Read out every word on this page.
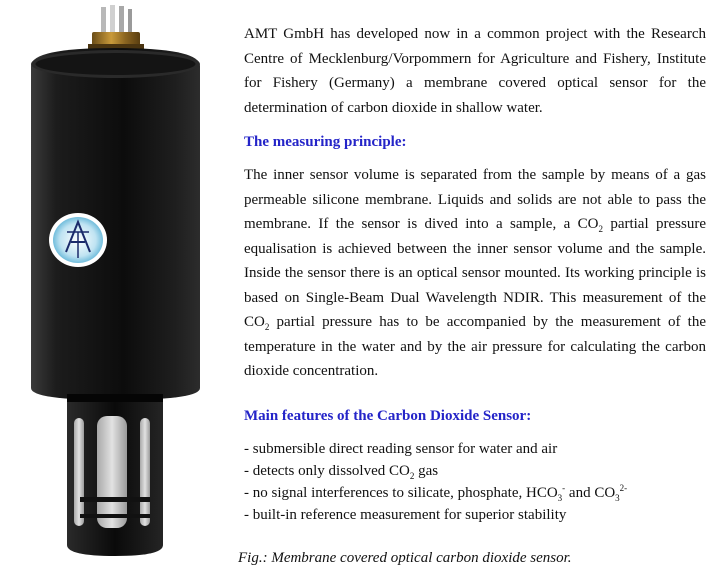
AMT GmbH has developed now in a common project with the Research Centre of Mecklenburg/Vorpommern for Agriculture and Fishery, Institute for Fishery (Germany) a membrane covered optical sensor for the determination of carbon dioxide in shallow water.

The measuring principle:

The inner sensor volume is separated from the sample by means of a gas permeable silicone membrane. Liquids and solids are not able to pass the membrane. If the sensor is dived into a sample, a $CO_2$ partial pressure equalisation is achieved between the inner sensor volume and the sample. Inside the sensor there is an optical sensor mounted. Its working principle is based on Single-Beam Dual Wavelength NDIR. This measurement of the $CO_2$ partial pressure has to be accompanied by the measurement of the temperature in the water and by the air pressure for calculating the carbon dioxide concentration.

Main features of the Carbon Dioxide Sensor:
- submersible direct reading sensor for water and air
- detects only dissolved $CO_2$ gas
- no signal interferences to silicate, phosphate, $HCO_3^-$ and $CO_3^{2-}$
- built-in reference measurement for superior stability
Fig.: Membrane covered optical carbon dioxide sensor.
